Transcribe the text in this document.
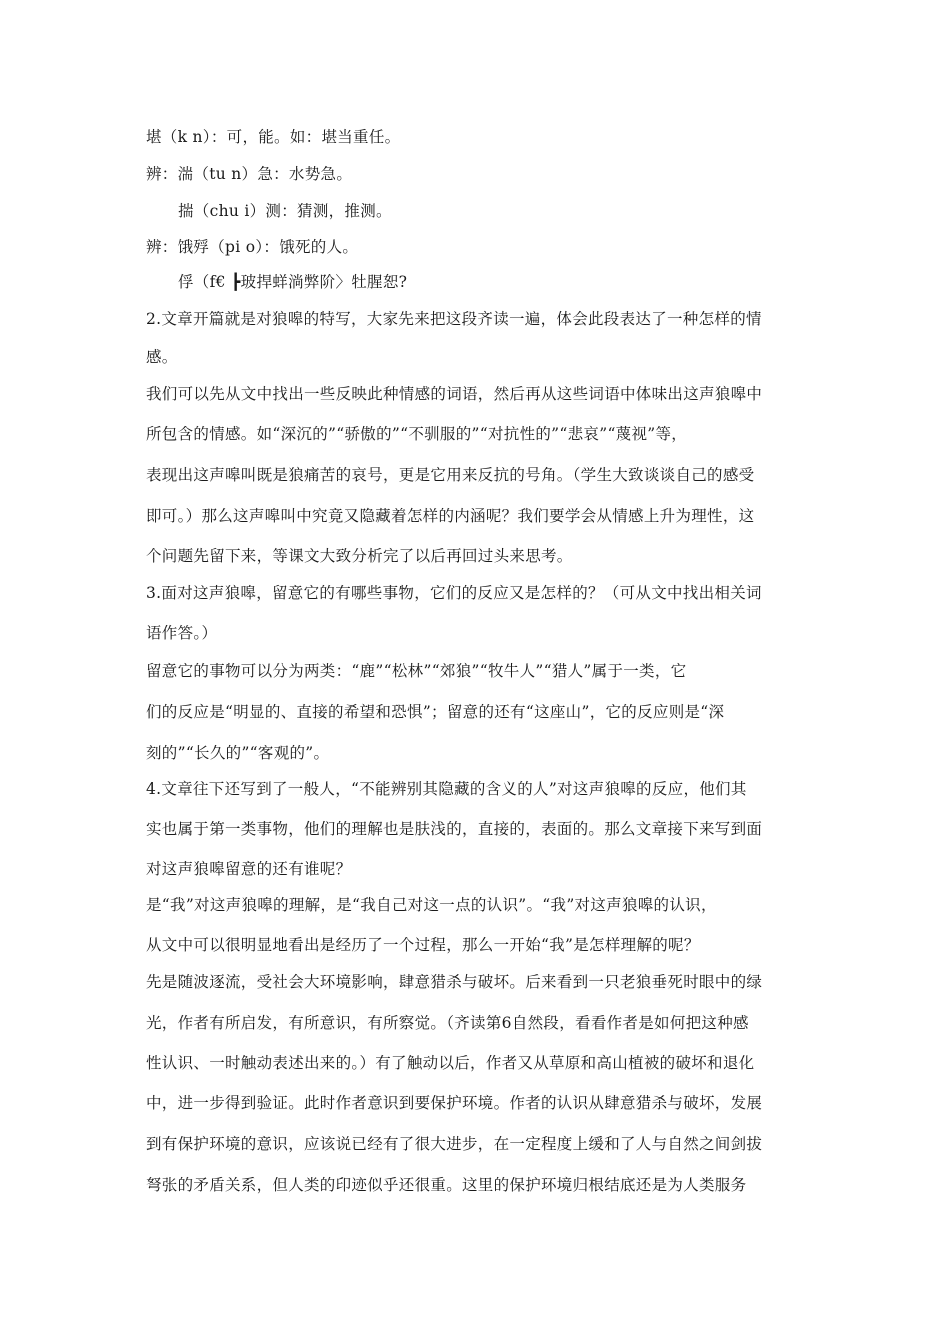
堪（k n）：可，能。如：堪当重任。
辨：湍（tu n）急：水势急。
揣（chu i）测：猜测，推测。
辨：饿殍（pi o）：饿死的人。
俘（f€ ┣玻捍蛘淌弊阶〉牡腥恕?
2.文章开篇就是对狼嗥的特写，大家先来把这段齐读一遍，体会此段表达了一种怎样的情
感。
我们可以先从文中找出一些反映此种情感的词语，然后再从这些词语中体味出这声狼嗥中
所包含的情感。如“深沉的”“骄傲的”“不驯服的”“对抗性的”“悲哀”“蔑视”等，
表现出这声嗥叫既是狼痛苦的哀号，更是它用来反抗的号角。（学生大致谈谈自己的感受
即可。）那么这声嗥叫中究竟又隐藏着怎样的内涵呢？我们要学会从情感上升为理性，这
个问题先留下来，等课文大致分析完了以后再回过头来思考。
3.面对这声狼嗥，留意它的有哪些事物，它们的反应又是怎样的？（可从文中找出相关词
语作答。）
留意它的事物可以分为两类：“鹿”“松林”“郊狼”“牧牛人”“猎人”属于一类，它
们的反应是“明显的、直接的希望和恐惧”；留意的还有“这座山”，它的反应则是“深
刻的”“长久的”“客观的”。
4.文章往下还写到了一般人，“不能辨别其隐藏的含义的人”对这声狼嗥的反应，他们其
实也属于第一类事物，他们的理解也是肤浅的，直接的，表面的。那么文章接下来写到面
对这声狼嗥留意的还有谁呢？
是“我”对这声狼嗥的理解，是“我自己对这一点的认识”。“我”对这声狼嗥的认识，
从文中可以很明显地看出是经历了一个过程，那么一开始“我”是怎样理解的呢？
先是随波逐流，受社会大环境影响，肆意猎杀与破坏。后来看到一只老狼垂死时眼中的绿
光，作者有所启发，有所意识，有所察觉。（齐读第6自然段，看看作者是如何把这种感
性认识、一时触动表述出来的。）有了触动以后，作者又从草原和高山植被的破坏和退化
中，进一步得到验证。此时作者意识到要保护环境。作者的认识从肆意猎杀与破坏，发展
到有保护环境的意识，应该说已经有了很大进步，在一定程度上缓和了人与自然之间剑拔
弩张的矛盾关系，但人类的印迹似乎还很重。这里的保护环境归根结底还是为人类服务
